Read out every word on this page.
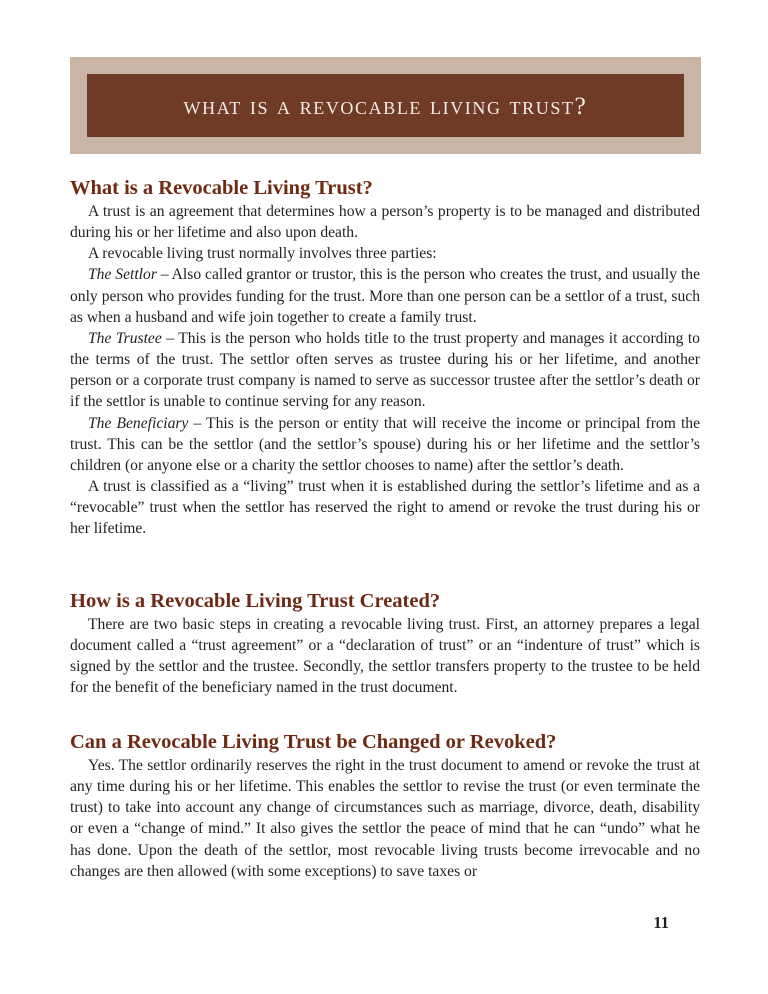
what is a revocable living trust?
What is a Revocable Living Trust?

A trust is an agreement that determines how a person’s property is to be managed and distributed during his or her lifetime and also upon death.

A revocable living trust normally involves three parties:

The Settlor – Also called grantor or trustor, this is the person who creates the trust, and usually the only person who provides funding for the trust. More than one person can be a settlor of a trust, such as when a husband and wife join together to create a family trust.

The Trustee – This is the person who holds title to the trust property and manages it according to the terms of the trust. The settlor often serves as trustee during his or her lifetime, and another person or a corporate trust company is named to serve as successor trustee after the settlor’s death or if the settlor is unable to continue serving for any reason.

The Beneficiary – This is the person or entity that will receive the income or principal from the trust. This can be the settlor (and the settlor’s spouse) during his or her lifetime and the settlor’s children (or anyone else or a charity the settlor chooses to name) after the settlor’s death.

A trust is classified as a “living” trust when it is established during the settlor’s lifetime and as a “revocable” trust when the settlor has reserved the right to amend or revoke the trust during his or her lifetime.

How is a Revocable Living Trust Created?

There are two basic steps in creating a revocable living trust. First, an attorney prepares a legal document called a “trust agreement” or a “declaration of trust” or an “indenture of trust” which is signed by the settlor and the trustee. Secondly, the settlor transfers property to the trustee to be held for the benefit of the beneficiary named in the trust document.

Can a Revocable Living Trust be Changed or Revoked?

Yes. The settlor ordinarily reserves the right in the trust document to amend or revoke the trust at any time during his or her lifetime. This enables the settlor to revise the trust (or even terminate the trust) to take into account any change of circumstances such as marriage, divorce, death, disability or even a “change of mind.” It also gives the settlor the peace of mind that he can “undo” what he has done. Upon the death of the settlor, most revocable living trusts become irrevocable and no changes are then allowed (with some exceptions) to save taxes or

11
